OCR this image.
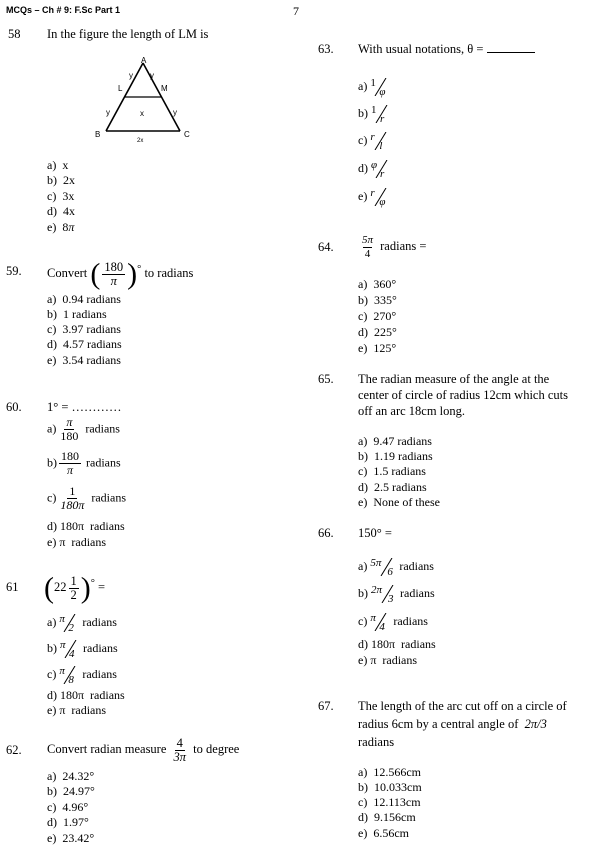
MCQs – Ch # 9: F.Sc Part 1	7
58 In the figure the length of LM is
A
B	C
L	M
y y
y	y
x
2x
a)  x
b)  2x
c)  3x
d)  4x
e)  8π
59. Convert ( $\frac{180}{\pi} )^\circ$ to radians
a)  0.94 radians
b)  1 radians
c)  3.97 radians
d)  4.57 radians
e)  3.54 radians
60. 1° = …………
$a) \frac{\pi}{180}$ radians
$b) \frac{180}{\pi}$ radians
$c) \frac{1}{180\pi}$ radians
d) 180π  radians
e) π  radians
61 $(22 \frac{1}{2} )^\circ$ =
a) π
2 radians
b) π
4 radians
c) π
8 radians
d) 180π  radians
e) π  radians
62. Convert radian measure $\frac{4}{3\pi}$ to degree
a)  24.32°
b)  24.97°
c)  4.96°
d)  1.97°
e)  23.42°
63. With usual notations, θ =
a) 1
φ
b) 1
r
c) r
l
d) φ
r
e) r
φ
64. $\frac{5\pi}{4}$ radians =
a)  360°
b)  335°
c)  270°
d)  225°
e)  125°
65. The radian measure of the angle at the
center of circle of radius 12cm which cuts
off an arc 18cm long.
a)  9.47 radians
b)  1.19 radians
c)  1.5 radians
d)  2.5 radians
e)  None of these
66. 150° =
a) 5π
6 radians
b) 2π
3 radians
c) π
4 radians
d) 180π  radians
e) π  radians
67. The length of the arc cut off on a circle of
radius 6cm by a central angle of 2π/3
radians
a)  12.566cm
b)  10.033cm
c)  12.113cm
d)  9.156cm
e)  6.56cm
